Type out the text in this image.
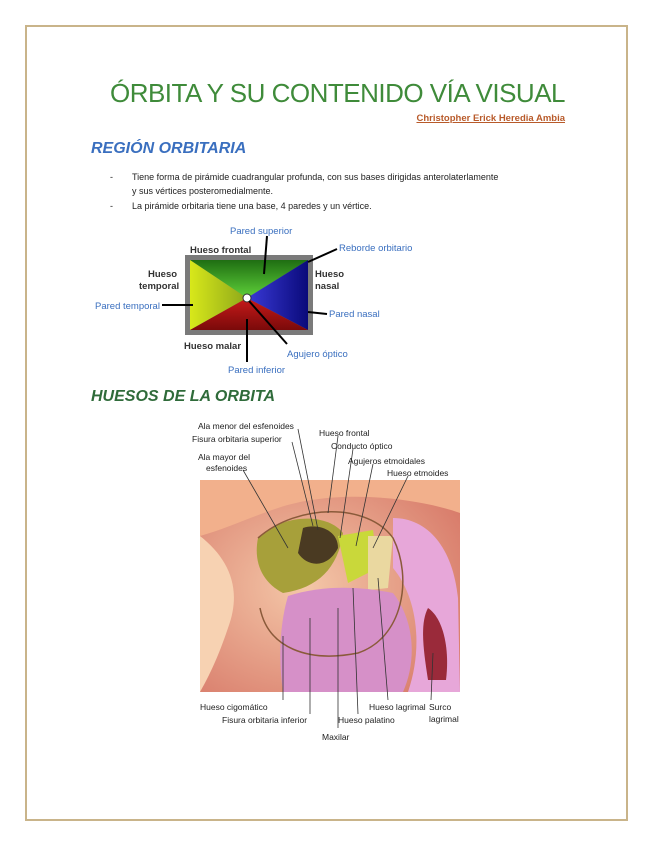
ÓRBITA Y SU CONTENIDO VÍA VISUAL
Christopher Erick Heredia Ambia
REGIÓN ORBITARIA
- Tiene forma de pirámide cuadrangular profunda, con sus bases dirigidas anterolaterlamente y sus vértices posteromedialmente.
- La pirámide orbitaria tiene una base, 4 paredes y un vértice.
Pared superior
Reborde orbitario
Hueso frontal
Hueso
temporal
Hueso
nasal
Pared temporal
Pared nasal
Hueso malar
Agujero óptico
Pared inferior
HUESOS DE LA ORBITA
Ala menor del esfenoides
Fisura orbitaria superior
Ala mayor del
esfenoides
Hueso frontal
Conducto óptico
Agujeros etmoidales
Hueso etmoides
Hueso cigomático
Fisura orbitaria inferior	Hueso palatino
Hueso lagrimal Surco
lagrimal
Maxilar
